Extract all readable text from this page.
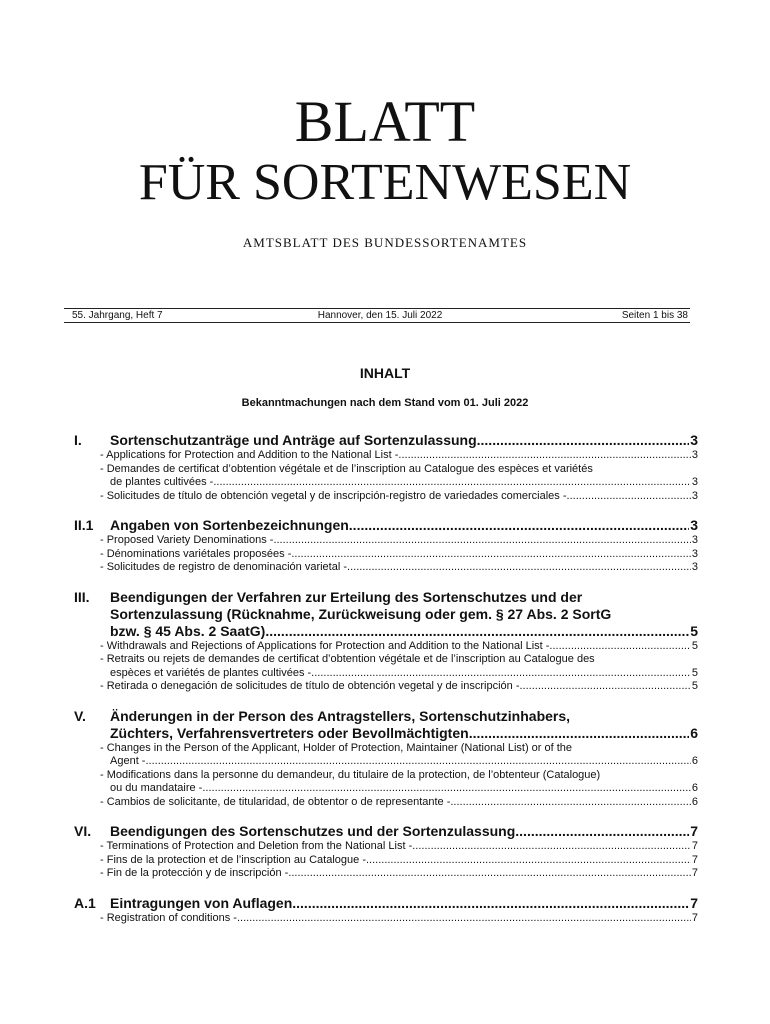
BLATT
FÜR SORTENWESEN
AMTSBLATT DES BUNDESSORTENAMTES
55. Jahrgang, Heft 7	Hannover, den 15. Juli 2022	Seiten 1 bis 38
INHALT
Bekanntmachungen nach dem Stand vom 01. Juli 2022
I. Sortenschutzanträge und Anträge auf Sortenzulassung .....	3
- Applications for Protection and Addition to the National List - .....	3
- Demandes de certificat d’obtention végétale et de l’inscription au Catalogue des espèces et variétés
de plantes cultivées - .....	3
- Solicitudes de título de obtención vegetal y de inscripción-registro de variedades comerciales - .....	3
II.1 Angaben von Sortenbezeichnungen .....	3
- Proposed Variety Denominations - .....	3
- Dénominations variétales proposées - .....	3
- Solicitudes de registro de denominación varietal - .....	3
III. Beendigungen der Verfahren zur Erteilung des Sortenschutzes und der
Sortenzulassung (Rücknahme, Zurückweisung oder gem. § 27 Abs. 2 SortG
bzw. § 45 Abs. 2 SaatG) .....	5
- Withdrawals and Rejections of Applications for Protection and Addition to the National List - .....	5
- Retraits ou rejets de demandes de certificat d’obtention végétale et de l’inscription au Catalogue des
espèces et variétés de plantes cultivées - .....	5
- Retirada o denegación de solicitudes de título de obtención vegetal y de inscripción - .....	5
V. Änderungen in der Person des Antragstellers, Sortenschutzinhabers,
Züchters, Verfahrensvertreters oder Bevollmächtigten .....	6
- Changes in the Person of the Applicant, Holder of Protection, Maintainer (National List) or of the
Agent - .....	6
- Modifications dans la personne du demandeur, du titulaire de la protection, de l’obtenteur (Catalogue)
ou du mandataire - .....	6
- Cambios de solicitante, de titularidad, de obtentor o de representante - .....	6
VI. Beendigungen des Sortenschutzes und der Sortenzulassung .....	7
- Terminations of Protection and Deletion from the National List - .....	7
- Fins de la protection et de l’inscription au Catalogue - .....	7
- Fin de la protección y de inscripción - .....	7
A.1 Eintragungen von Auflagen .....	7
- Registration of conditions - .....	7
